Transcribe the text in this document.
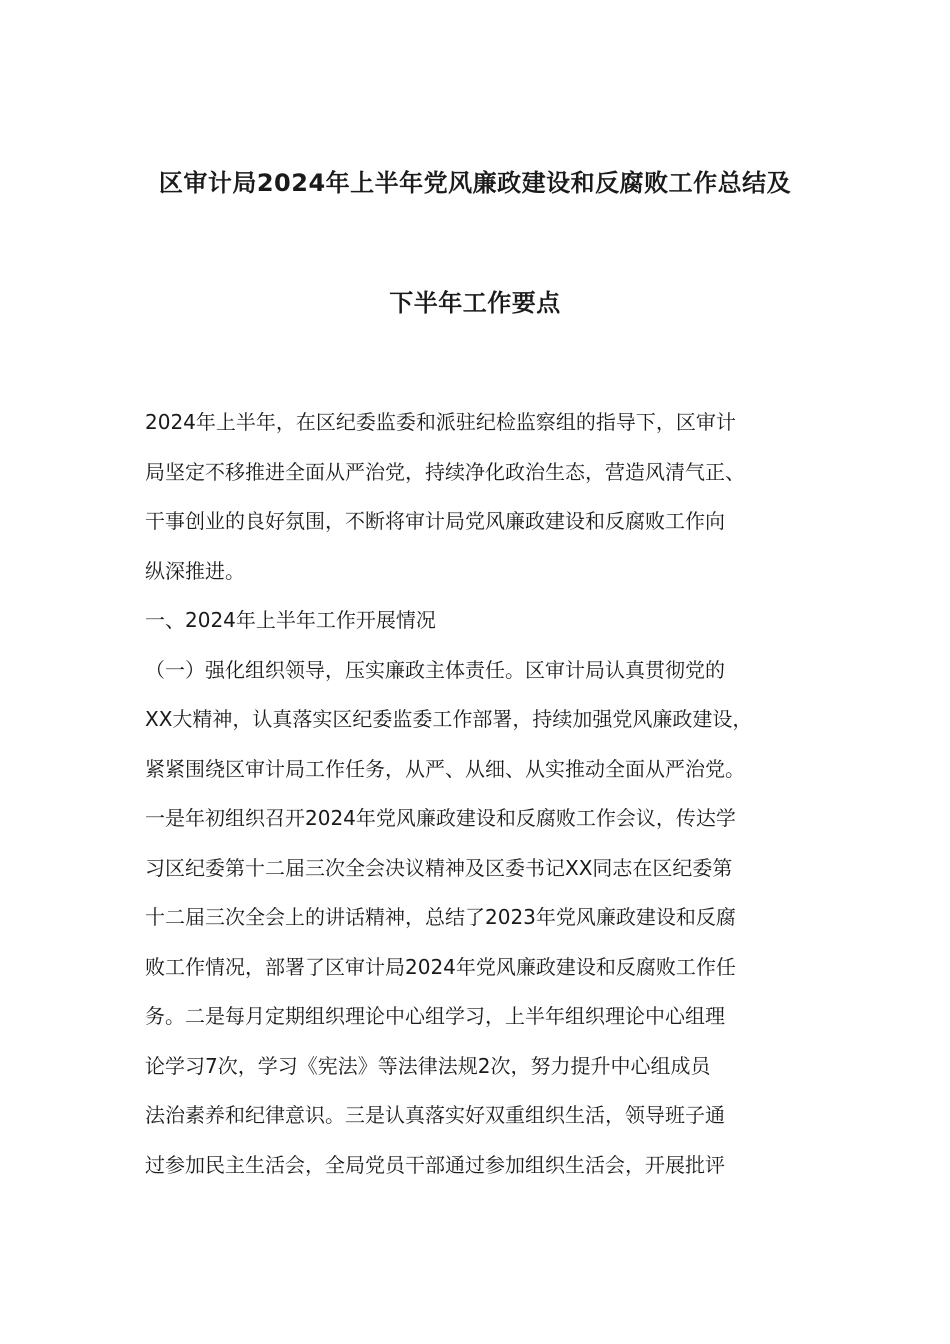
区审计局2024年上半年党风廉政建设和反腐败工作总结及
下半年工作要点
2024年上半年，在区纪委监委和派驻纪检监察组的指导下，区审计
局坚定不移推进全面从严治党，持续净化政治生态，营造风清气正、
干事创业的良好氛围，不断将审计局党风廉政建设和反腐败工作向
纵深推进。
一、2024年上半年工作开展情况
（一）强化组织领导，压实廉政主体责任。区审计局认真贯彻党的
XX大精神，认真落实区纪委监委工作部署，持续加强党风廉政建设，
紧紧围绕区审计局工作任务，从严、从细、从实推动全面从严治党。
一是年初组织召开2024年党风廉政建设和反腐败工作会议，传达学
习区纪委第十二届三次全会决议精神及区委书记XX同志在区纪委第
十二届三次全会上的讲话精神，总结了2023年党风廉政建设和反腐
败工作情况，部署了区审计局2024年党风廉政建设和反腐败工作任
务。二是每月定期组织理论中心组学习，上半年组织理论中心组理
论学习7次，学习《宪法》等法律法规2次，努力提升中心组成员
法治素养和纪律意识。三是认真落实好双重组织生活，领导班子通
过参加民主生活会，全局党员干部通过参加组织生活会，开展批评
